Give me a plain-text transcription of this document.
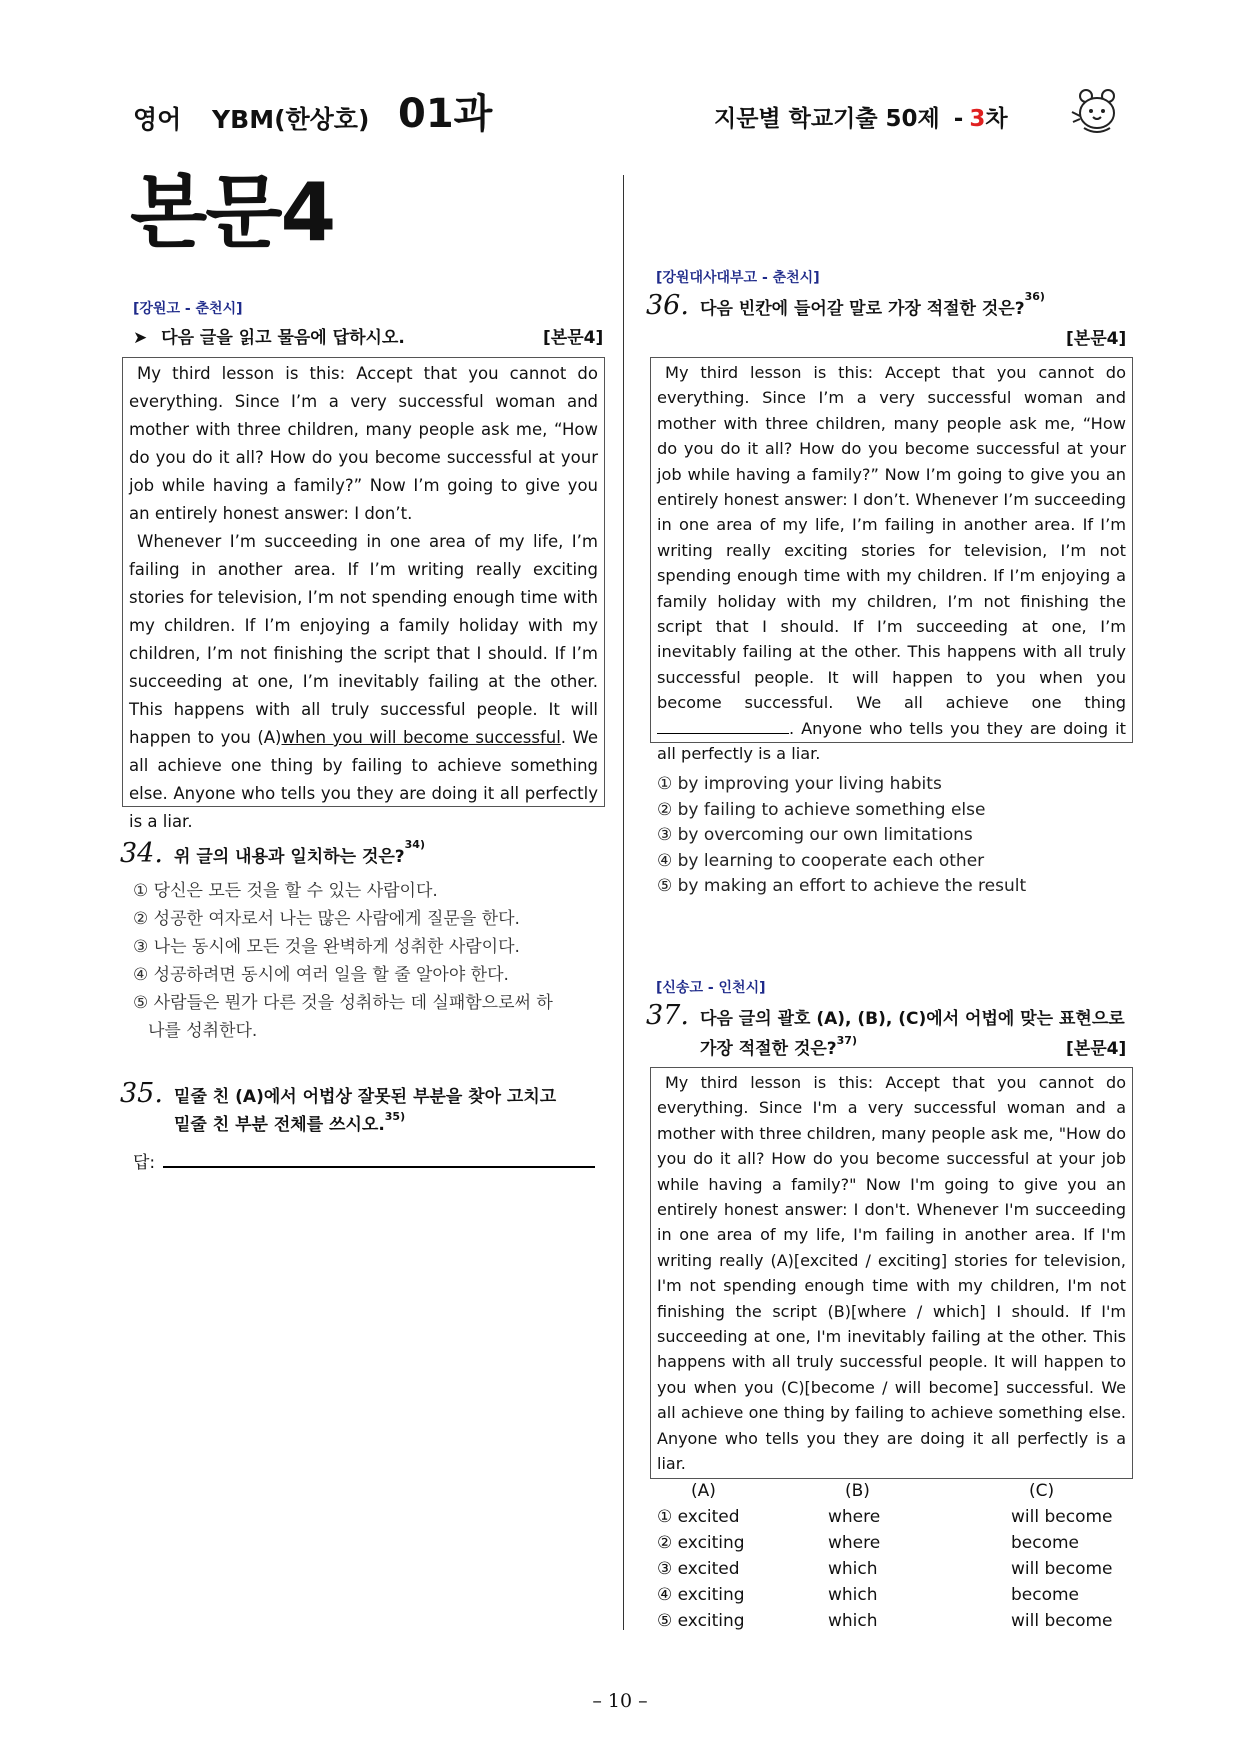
영어 YBM(한상호) 01과	지문별 학교기출 50제 - 3차
본문4
[강원고 - 춘천시]
➤ 다음 글을 읽고 물음에 답하시오.	[본문4]

My third lesson is this: Accept that you cannot do everything. Since I’m a very successful woman and mother with three children, many people ask me, “How do you do it all? How do you become successful at your job while having a family?” Now I’m going to give you an entirely honest answer: I don’t.

Whenever I’m succeeding in one area of my life, I’m failing in another area. If I’m writing really exciting stories for television, I’m not spending enough time with my children. If I’m enjoying a family holiday with my children, I’m not finishing the script that I should. If I’m succeeding at one, I’m inevitably failing at the other. This happens with all truly successful people. It will happen to you (A)when you will become successful. We all achieve one thing by failing to achieve something else. Anyone who tells you they are doing it all perfectly is a liar.

34. 위 글의 내용과 일치하는 것은?$^{34)}$
① 당신은 모든 것을 할 수 있는 사람이다.
② 성공한 여자로서 나는 많은 사람에게 질문을 한다.
③ 나는 동시에 모든 것을 완벽하게 성취한 사람이다.
④ 성공하려면 동시에 여러 일을 할 줄 알아야 한다.
⑤ 사람들은 뭔가 다른 것을 성취하는 데 실패함으로써 하
나를 성취한다.
35. 밑줄 친 (A)에서 어법상 잘못된 부분을 찾아 고치고
밑줄 친 부분 전체를 쓰시오.$^{35)}$
답:
[강원대사대부고 - 춘천시]
36. 다음 빈칸에 들어갈 말로 가장 적절한 것은?$^{36)}$
[본문4]

My third lesson is this: Accept that you cannot do everything. Since I’m a very successful woman and mother with three children, many people ask me, “How do you do it all? How do you become successful at your job while having a family?” Now I’m going to give you an entirely honest answer: I don’t. Whenever I’m succeeding in one area of my life, I’m failing in another area. If I’m writing really exciting stories for television, I’m not spending enough time with my children. If I’m enjoying a family holiday with my children, I’m not finishing the script that I should. If I’m succeeding at one, I’m inevitably failing at the other. This happens with all truly successful people. It will happen to you when you become successful. We all achieve one thing . Anyone who tells you they are doing it all perfectly is a liar.

① by improving your living habits
② by failing to achieve something else
③ by overcoming our own limitations
④ by learning to cooperate each other
⑤ by making an effort to achieve the result
[신송고 - 인천시]
37. 다음 글의 괄호 (A), (B), (C)에서 어법에 맞는 표현으로
가장 적절한 것은?$^{37)}$	[본문4]

My third lesson is this: Accept that you cannot do everything. Since I'm a very successful woman and a mother with three children, many people ask me, "How do you do it all? How do you become successful at your job while having a family?" Now I'm going to give you an entirely honest answer: I don't. Whenever I'm succeeding in one area of my life, I'm failing in another area. If I'm writing really (A)[excited / exciting] stories for television, I'm not spending enough time with my children, I'm not finishing the script (B)[where / which] I should. If I'm succeeding at one, I'm inevitably failing at the other. This happens with all truly successful people. It will happen to you when you (C)[become / will become] successful. We all achieve one thing by failing to achieve something else. Anyone who tells you they are doing it all perfectly is a liar.

(A)	(B)	(C)
① excited	where	will become
② exciting	where	become
③ excited	which	will become
④ exciting	which	become
⑤ exciting	which	will become
– 10 –
